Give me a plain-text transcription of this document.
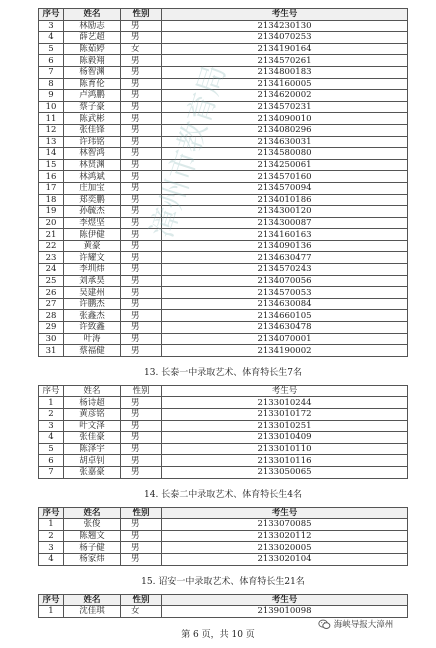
序号	姓名	性别	考生号
3	林励志	男	2134230130
4	薛艺超	男	2134070253
5	陈茹婷	女	2134190164
6	陈毅翔	男	2134570261
7	杨智渊	男	2134800183
8	陈育伦	男	2134160005
9	卢鸿鹏	男	2134620002
10	蔡子豪	男	2134570231
11	陈武彬	男	2134090010
12	张佳锋	男	2134080296
13	许玮铭	男	2134630031
14	林智鸿	男	2134580080
15	林贤渊	男	2134250061
16	林鸿斌	男	2134570160
17	庄加宝	男	2134570094
18	郑奕鹏	男	2134010186
19	孙毓杰	男	2134300120
20	李煜坚	男	2134300087
21	陈伊健	男	2134160163
22	黄豪	男	2134090136
23	许耀文	男	2134630477
24	李圳炜	男	2134570243
25	刘承昊	男	2134070056
26	吴建州	男	2134570053
27	许鹏杰	男	2134630084
28	张鑫杰	男	2134660105
29	许致鑫	男	2134630478
30	叶涛	男	2134070001
31	蔡福健	男	2134190002
13. 长泰一中录取艺术、体育特长生7名
序号	姓名	性别	考生号
1	杨诗超	男	2133010244
2	黄彦铭	男	2133010172
3	叶文泽	男	2133010251
4	张佳豪	男	2133010409
5	陈泽宇	男	2133010110
6	胡卓钊	男	2133010116
7	张嘉豪	男	2133050065
14. 长泰二中录取艺术、体育特长生4名
序号	姓名	性别	考生号
1	张俊	男	2133070085
2	陈翘文	男	2133020112
3	杨子健	男	2133020005
4	杨家炜	男	2133020104
15. 诏安一中录取艺术、体育特长生21名
序号	姓名	性别	考生号
1	沈佳琪	女	2139010098
漳州市教育局
第 6 页，共 10 页
海峡导报大漳州
